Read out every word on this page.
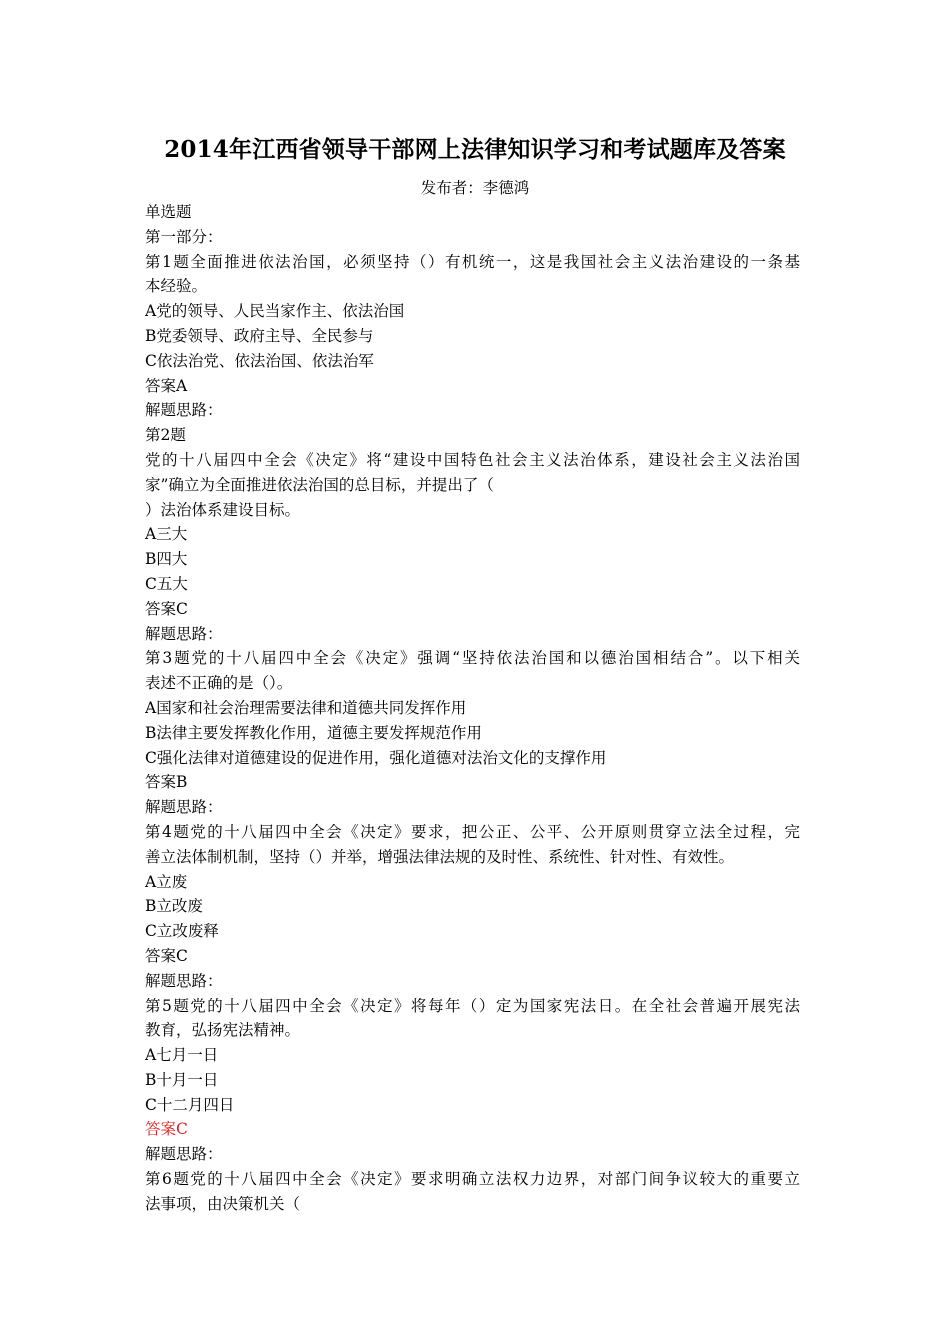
2014年江西省领导干部网上法律知识学习和考试题库及答案
发布者：李德鸿
单选题
第一部分：
第1题全面推进依法治国，必须坚持（）有机统一，这是我国社会主义法治建设的一条基
本经验。
A党的领导、人民当家作主、依法治国
B党委领导、政府主导、全民参与
C依法治党、依法治国、依法治军
答案A
解题思路：
第2题
党的十八届四中全会《决定》将“建设中国特色社会主义法治体系，建设社会主义法治国
家”确立为全面推进依法治国的总目标，并提出了（
）法治体系建设目标。
A三大
B四大
C五大
答案C
解题思路：
第3题党的十八届四中全会《决定》强调“坚持依法治国和以德治国相结合”。以下相关
表述不正确的是（）。
A国家和社会治理需要法律和道德共同发挥作用
B法律主要发挥教化作用，道德主要发挥规范作用
C强化法律对道德建设的促进作用，强化道德对法治文化的支撑作用
答案B
解题思路：
第4题党的十八届四中全会《决定》要求，把公正、公平、公开原则贯穿立法全过程，完
善立法体制机制，坚持（）并举，增强法律法规的及时性、系统性、针对性、有效性。
A立废
B立改废
C立改废释
答案C
解题思路：
第5题党的十八届四中全会《决定》将每年（）定为国家宪法日。在全社会普遍开展宪法
教育，弘扬宪法精神。
A七月一日
B十月一日
C十二月四日
答案C
解题思路：
第6题党的十八届四中全会《决定》要求明确立法权力边界，对部门间争议较大的重要立
法事项，由决策机关（
